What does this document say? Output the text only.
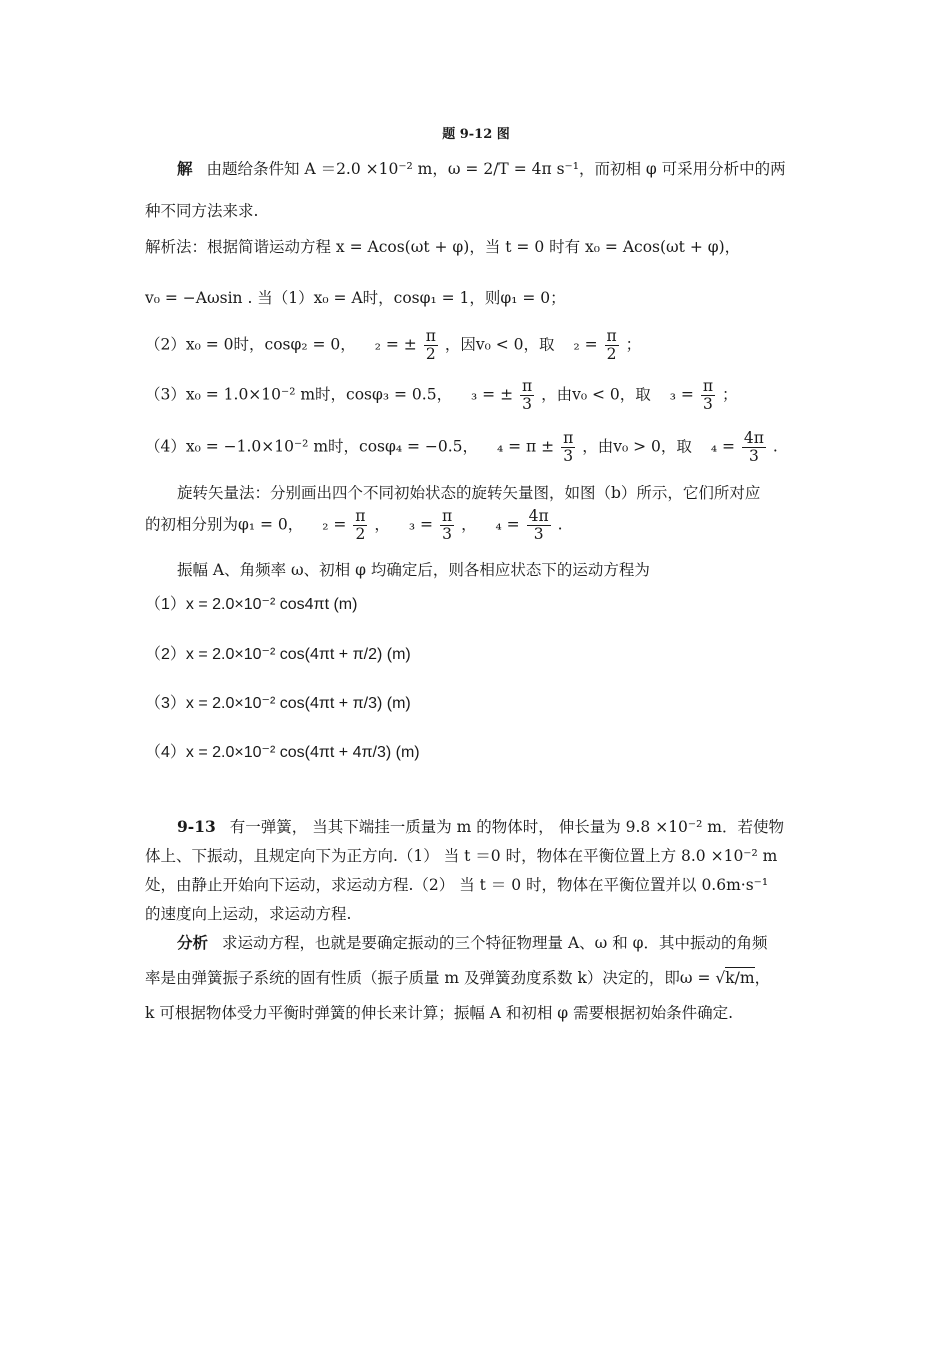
题 9-12 图
解 由题给条件知 A ＝2.0 ×10⁻² m，ω = 2/T = 4π s⁻¹，而初相 φ 可采用分析中的两
种不同方法来求.
解析法：根据简谐运动方程 x = Acos(ωt + φ)，当 t = 0 时有 x₀ = Acos(ωt + φ)，
v₀ = −Aωsin . 当（1）x₀ = A时，cosφ₁ = 1，则φ₁ = 0；
（2）x₀ = 0时，cosφ₂ = 0， ₂ = ± $\frac{\pi}{2}$ ，因v₀ < 0，取 $_2 = \frac{\pi}{2}$ ；
（3）x₀ = 1.0×10⁻² m时，cosφ₃ = 0.5， ₃ = ± $\frac{\pi}{3}$ ，由v₀ < 0，取 $_3 = \frac{\pi}{3}$ ；
（4）x₀ = −1.0×10⁻² m时，cosφ₄ = −0.5， $_4 = \pi \pm \frac{\pi}{3}$ ，由v₀ > 0，取 $_4 = \frac{4\pi}{3}$ .
旋转矢量法：分别画出四个不同初始状态的旋转矢量图，如图（b）所示，它们所对应
的初相分别为φ₁ = 0， $_2 = \frac{\pi}{2}$ ， $_3 = \frac{\pi}{3}$ ， $_4 = \frac{4\pi}{3}$ .
振幅 A、角频率 ω、初相 φ 均确定后，则各相应状态下的运动方程为
（1）x = 2.0×10⁻² cos4πt (m)
（2）x = 2.0×10⁻² cos(4πt + π/2) (m)
（3）x = 2.0×10⁻² cos(4πt + π/3) (m)
（4）x = 2.0×10⁻² cos(4πt + 4π/3) (m)
9-13 有一弹簧， 当其下端挂一质量为 m 的物体时， 伸长量为 9.8 ×10⁻² m．若使物
体上、下振动，且规定向下为正方向.（1） 当 t ＝0 时，物体在平衡位置上方 8.0 ×10⁻² m
处，由静止开始向下运动，求运动方程.（2） 当 t ＝ 0 时，物体在平衡位置并以 0.6m·s⁻¹
的速度向上运动，求运动方程.
分析 求运动方程，也就是要确定振动的三个特征物理量 A、ω 和 φ．其中振动的角频
率是由弹簧振子系统的固有性质（振子质量 m 及弹簧劲度系数 k）决定的，即ω = √k/m，
k 可根据物体受力平衡时弹簧的伸长来计算；振幅 A 和初相 φ 需要根据初始条件确定.
